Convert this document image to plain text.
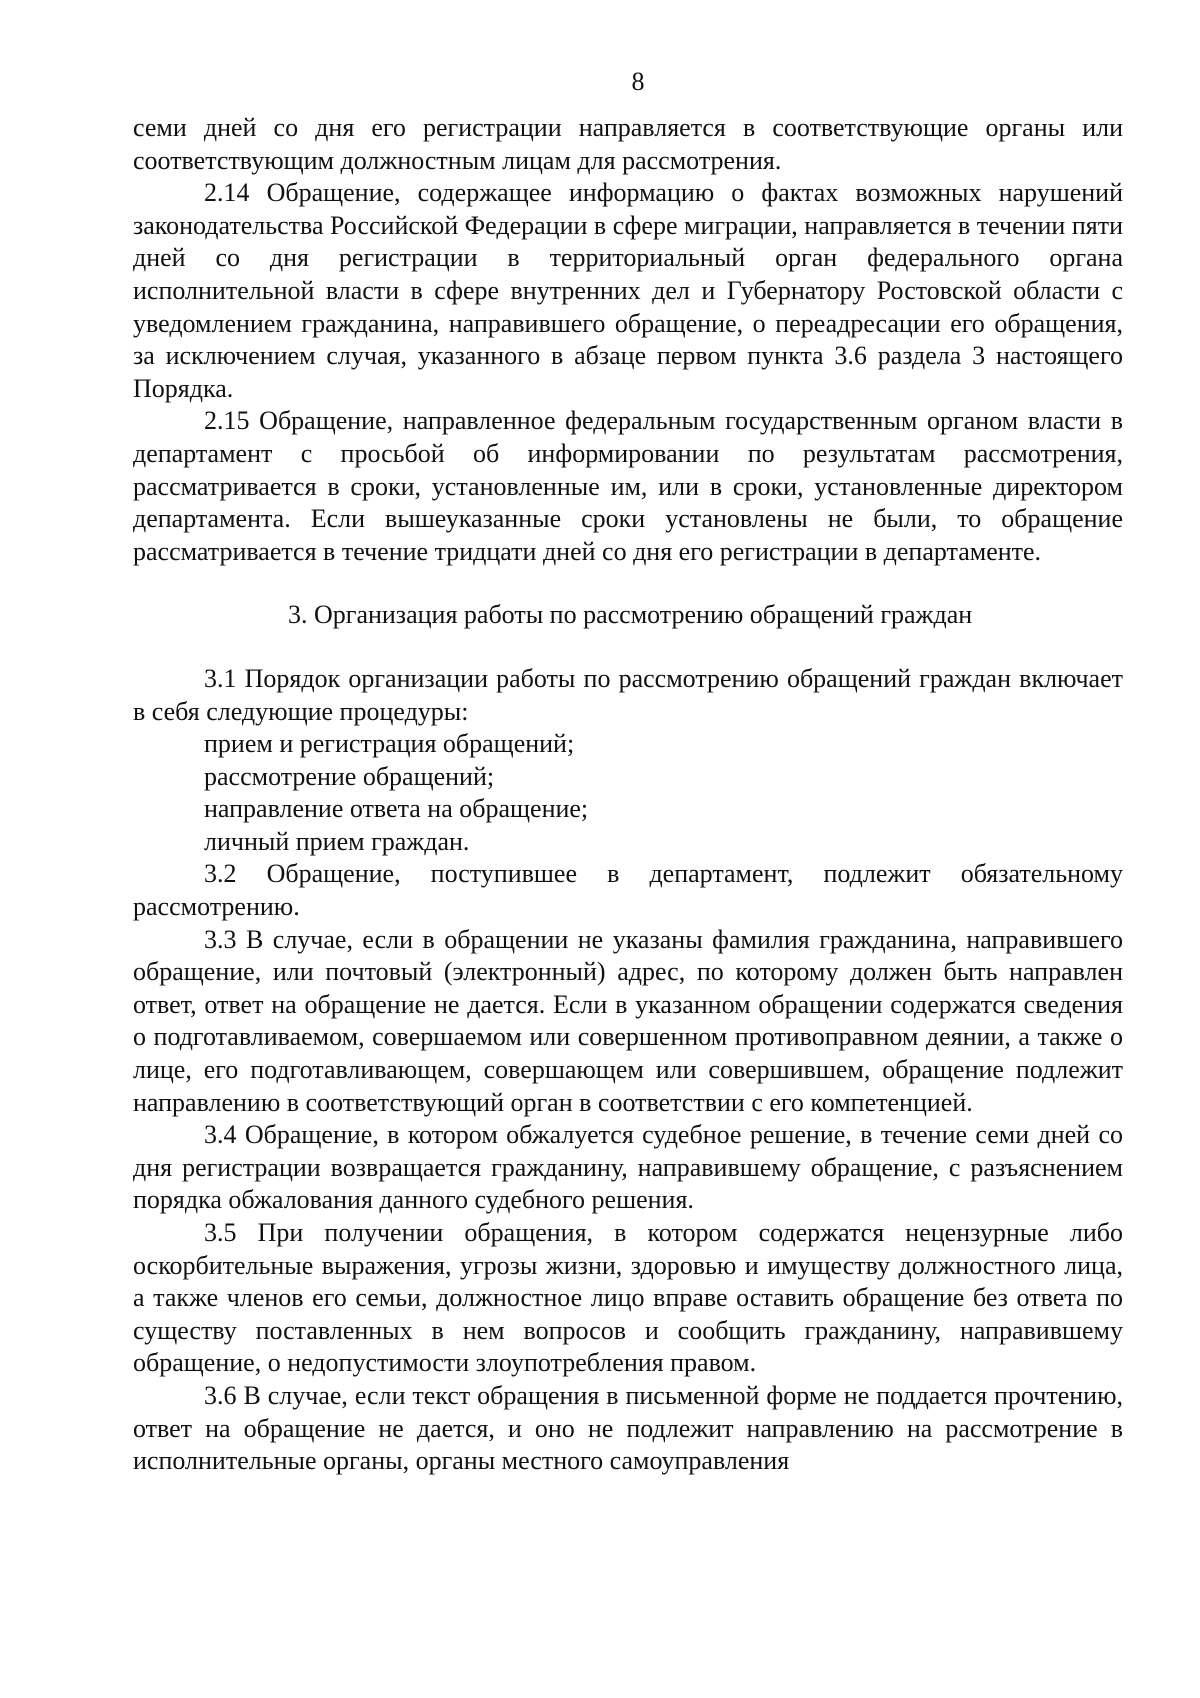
8

семи дней со дня его регистрации направляется в соответствующие органы или соответствующим должностным лицам для рассмотрения.

2.14 Обращение, содержащее информацию о фактах возможных нарушений законодательства Российской Федерации в сфере миграции, направляется в течении пяти дней со дня регистрации в территориальный орган федерального органа исполнительной власти в сфере внутренних дел и Губернатору Ростовской области с уведомлением гражданина, направившего обращение, о переадресации его обращения, за исключением случая, указанного в абзаце первом пункта 3.6 раздела 3 настоящего Порядка.

2.15 Обращение, направленное федеральным государственным органом власти в департамент с просьбой об информировании по результатам рассмотрения, рассматривается в сроки, установленные им, или в сроки, установленные директором департамента. Если вышеуказанные сроки установлены не были, то обращение рассматривается в течение тридцати дней со дня его регистрации в департаменте.

3. Организация работы по рассмотрению обращений граждан

3.1 Порядок организации работы по рассмотрению обращений граждан включает в себя следующие процедуры:

прием и регистрация обращений;

рассмотрение обращений;

направление ответа на обращение;

личный прием граждан.

3.2 Обращение, поступившее в департамент, подлежит обязательному рассмотрению.

3.3 В случае, если в обращении не указаны фамилия гражданина, направившего обращение, или почтовый (электронный) адрес, по которому должен быть направлен ответ, ответ на обращение не дается. Если в указанном обращении содержатся сведения о подготавливаемом, совершаемом или совершенном противоправном деянии, а также о лице, его подготавливающем, совершающем или совершившем, обращение подлежит направлению в соответствующий орган в соответствии с его компетенцией.

3.4 Обращение, в котором обжалуется судебное решение, в течение семи дней со дня регистрации возвращается гражданину, направившему обращение, с разъяснением порядка обжалования данного судебного решения.

3.5 При получении обращения, в котором содержатся нецензурные либо оскорбительные выражения, угрозы жизни, здоровью и имуществу должностного лица, а также членов его семьи, должностное лицо вправе оставить обращение без ответа по существу поставленных в нем вопросов и сообщить гражданину, направившему обращение, о недопустимости злоупотребления правом.

3.6 В случае, если текст обращения в письменной форме не поддается прочтению, ответ на обращение не дается, и оно не подлежит направлению на рассмотрение в исполнительные органы, органы местного самоуправления
